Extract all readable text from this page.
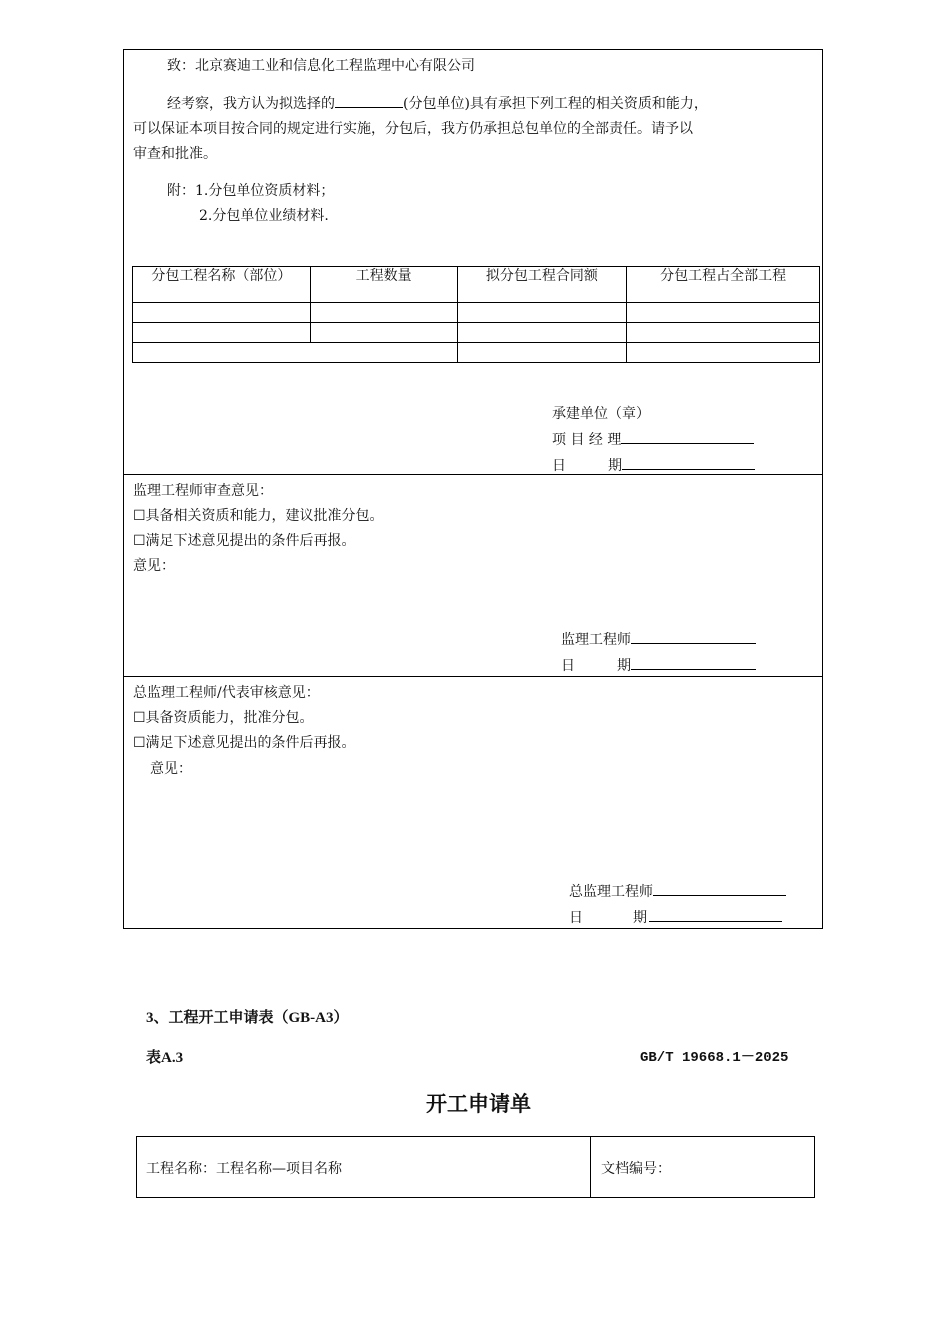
致：北京赛迪工业和信息化工程监理中心有限公司
经考察，我方认为拟选择的	(分包单位)具有承担下列工程的相关资质和能力，
可以保证本项目按合同的规定进行实施，分包后，我方仍承担总包单位的全部责任。请予以
审查和批准。
附：1.分包单位资质材料；
2.分包单位业绩材料.
分包工程名称（部位）	工程数量	拟分包工程合同额	分包工程占全部工程

承建单位（章）
项 目 经 理
日　　　期
监理工程师审查意见：
☐具备相关资质和能力，建议批准分包。
☐满足下述意见提出的条件后再报。
意见：
监理工程师
日　　　期
总监理工程师/代表审核意见：
☐具备资质能力，批准分包。
☐满足下述意见提出的条件后再报。
意见：
总监理工程师
日　　　期
3、工程开工申请表（GB-A3）
表A.3	GB/T 19668.1－2025
开工申请单
工程名称：工程名称—项目名称	文档编号：
